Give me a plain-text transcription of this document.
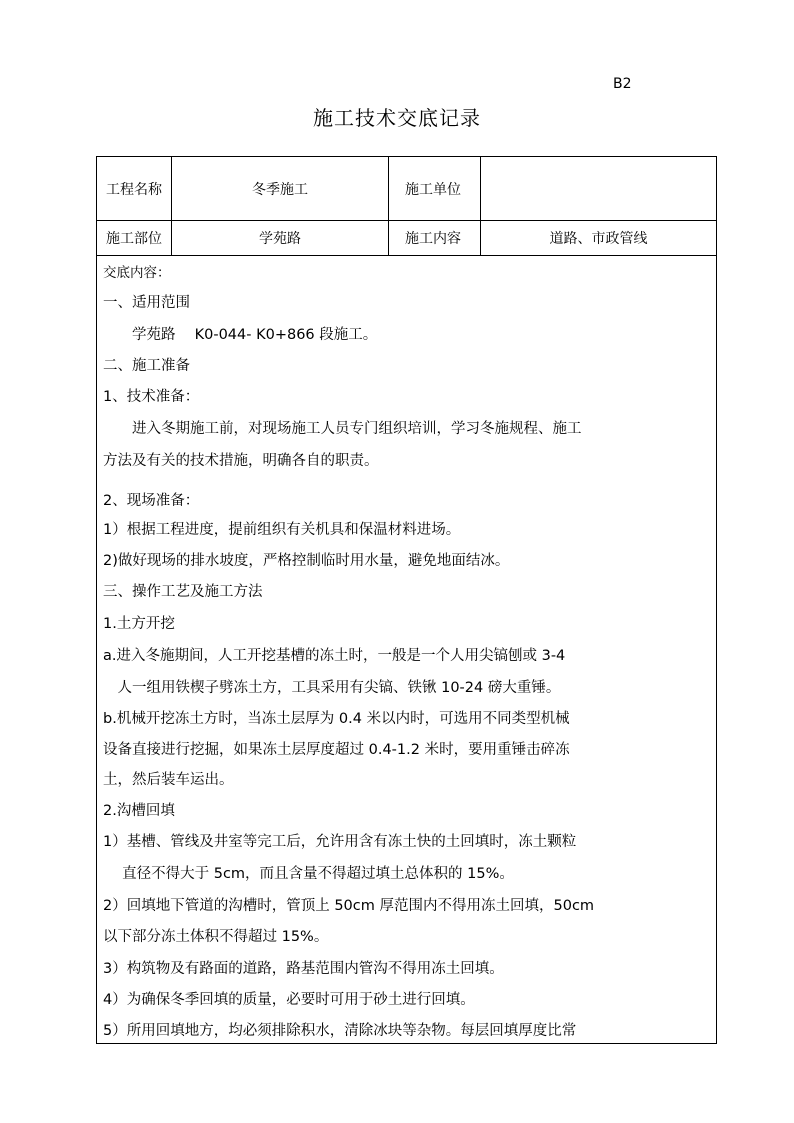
B2
施工技术交底记录
工程名称	冬季施工	施工单位
施工部位	学苑路	施工内容	道路、市政管线
交底内容：
一、适用范围
　　学苑路　 K0-044- K0+866 段施工。
二、施工准备
1、技术准备：
　　进入冬期施工前，对现场施工人员专门组织培训，学习冬施规程、施工
方法及有关的技术措施，明确各自的职责。
2、现场准备：
1）根据工程进度，提前组织有关机具和保温材料进场。
2)做好现场的排水坡度，严格控制临时用水量，避免地面结冰。
三、操作工艺及施工方法
1.土方开挖
a.进入冬施期间，人工开挖基槽的冻土时，一般是一个人用尖镐刨或 3-4
　人一组用铁楔子劈冻土方，工具采用有尖镐、铁锹 10-24 磅大重锤。
b.机械开挖冻土方时，当冻土层厚为 0.4 米以内时，可选用不同类型机械
设备直接进行挖掘，如果冻土层厚度超过 0.4-1.2 米时，要用重锤击碎冻
土，然后装车运出。
2.沟槽回填
1）基槽、管线及井室等完工后，允许用含有冻土快的土回填时，冻土颗粒
　 直径不得大于 5cm，而且含量不得超过填土总体积的 15%。
2）回填地下管道的沟槽时，管顶上 50cm 厚范围内不得用冻土回填，50cm
以下部分冻土体积不得超过 15%。
3）构筑物及有路面的道路，路基范围内管沟不得用冻土回填。
4）为确保冬季回填的质量，必要时可用于砂土进行回填。
5）所用回填地方，均必须排除积水，清除冰块等杂物。每层回填厚度比常
